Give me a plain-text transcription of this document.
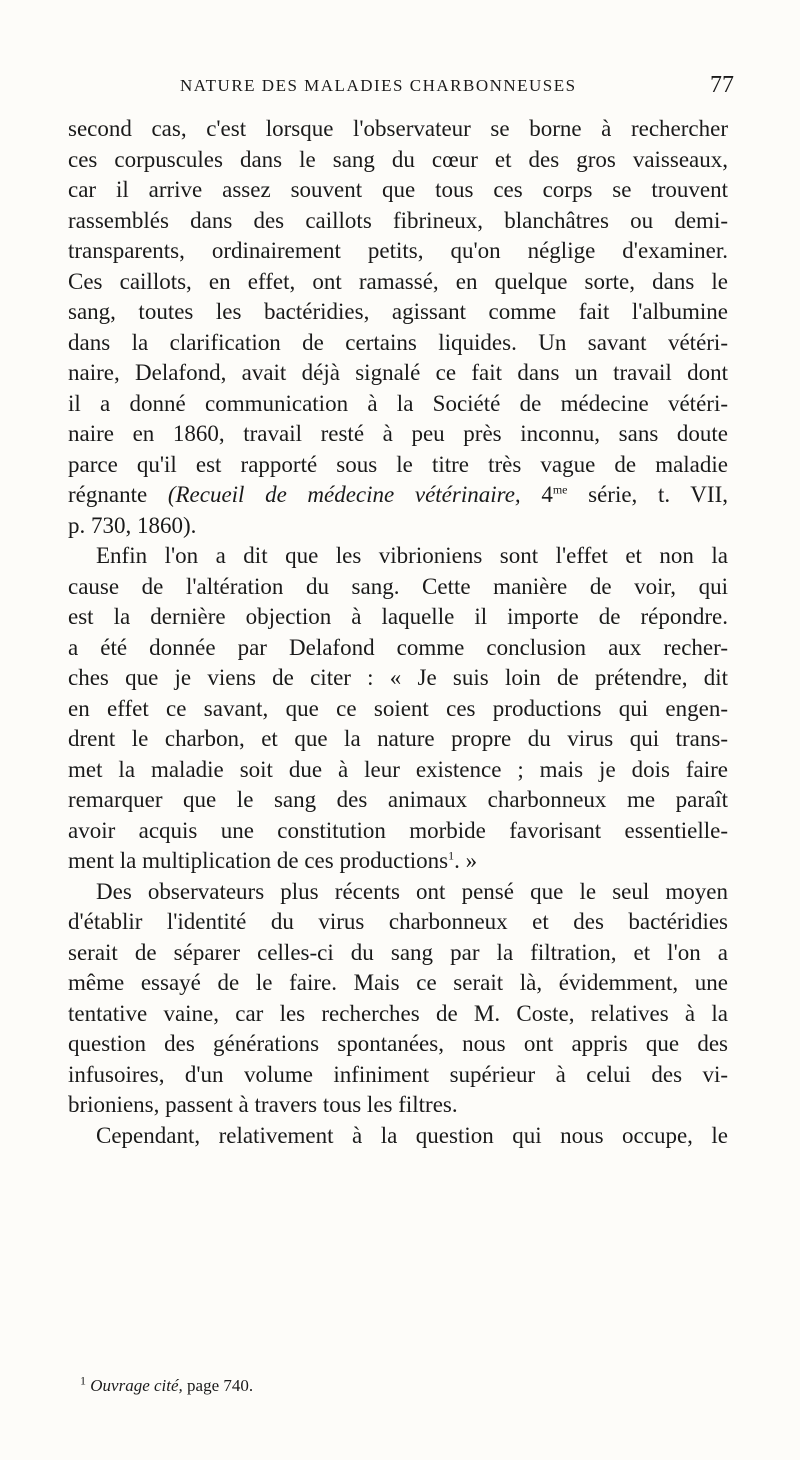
NATURE DES MALADIES CHARBONNEUSES	77

second cas, c'est lorsque l'observateur se borne à rechercher
ces corpuscules dans le sang du cœur et des gros vaisseaux,
car il arrive assez souvent que tous ces corps se trouvent
rassemblés dans des caillots fibrineux, blanchâtres ou demi-
transparents, ordinairement petits, qu'on néglige d'examiner.
Ces caillots, en effet, ont ramassé, en quelque sorte, dans le
sang, toutes les bactéridies, agissant comme fait l'albumine
dans la clarification de certains liquides. Un savant vétéri-
naire, Delafond, avait déjà signalé ce fait dans un travail dont
il a donné communication à la Société de médecine vétéri-
naire en 1860, travail resté à peu près inconnu, sans doute
parce qu'il est rapporté sous le titre très vague de maladie
régnante (Recueil de médecine vétérinaire, $4^{me}$ série, t. VII,
p. 730, 1860).

Enfin l'on a dit que les vibrioniens sont l'effet et non la
cause de l'altération du sang. Cette manière de voir, qui
est la dernière objection à laquelle il importe de répondre.
a été donnée par Delafond comme conclusion aux recher-
ches que je viens de citer : « Je suis loin de prétendre, dit
en effet ce savant, que ce soient ces productions qui engen-
drent le charbon, et que la nature propre du virus qui trans-
met la maladie soit due à leur existence ; mais je dois faire
remarquer que le sang des animaux charbonneux me paraît
avoir acquis une constitution morbide favorisant essentielle-
ment la multiplication de ces productions$^1$. »

Des observateurs plus récents ont pensé que le seul moyen
d'établir l'identité du virus charbonneux et des bactéridies
serait de séparer celles-ci du sang par la filtration, et l'on a
même essayé de le faire. Mais ce serait là, évidemment, une
tentative vaine, car les recherches de M. Coste, relatives à la
question des générations spontanées, nous ont appris que des
infusoires, d'un volume infiniment supérieur à celui des vi-
brioniens, passent à travers tous les filtres.

Cependant, relativement à la question qui nous occupe, le

$^1$ Ouvrage cité, page 740.
